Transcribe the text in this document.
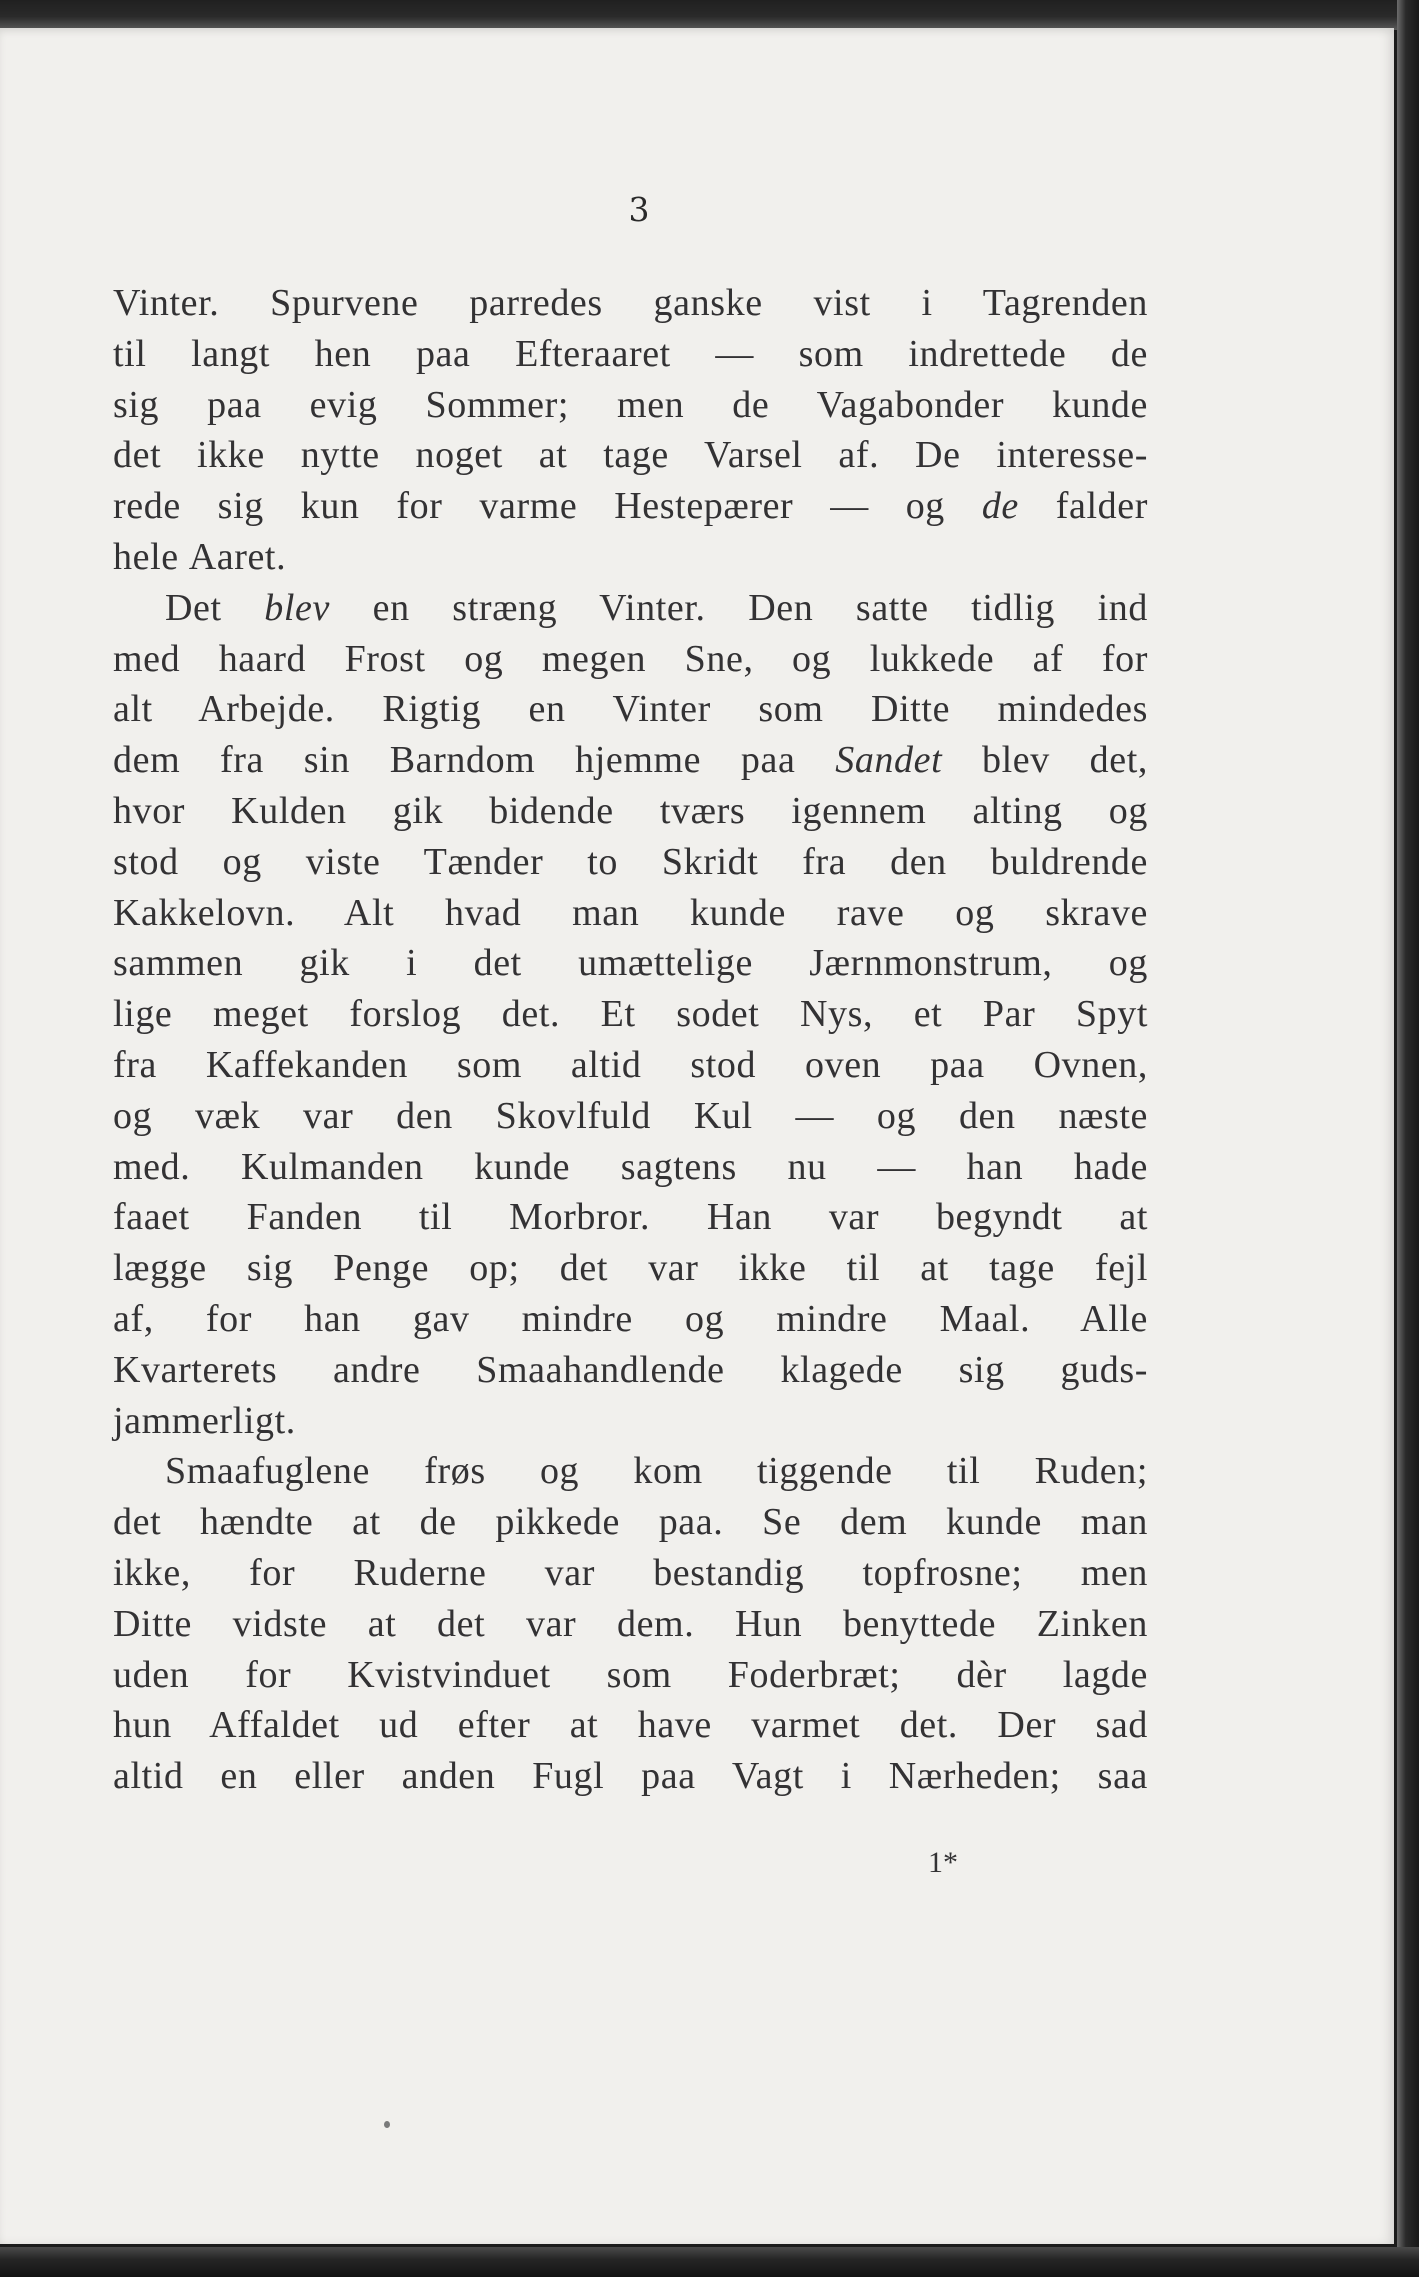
3
Vinter. Spurvene parredes ganske vist i Tagrenden
til langt hen paa Efteraaret — som indrettede de
sig paa evig Sommer; men de Vagabonder kunde
det ikke nytte noget at tage Varsel af. De interesse-
rede sig kun for varme Hestepærer — og de falder
hele Aaret.
Det blev en stræng Vinter. Den satte tidlig ind
med haard Frost og megen Sne, og lukkede af for
alt Arbejde. Rigtig en Vinter som Ditte mindedes
dem fra sin Barndom hjemme paa Sandet blev det,
hvor Kulden gik bidende tværs igennem alting og
stod og viste Tænder to Skridt fra den buldrende
Kakkelovn. Alt hvad man kunde rave og skrave
sammen gik i det umættelige Jærnmonstrum, og
lige meget forslog det. Et sodet Nys, et Par Spyt
fra Kaffekanden som altid stod oven paa Ovnen,
og væk var den Skovlfuld Kul — og den næste
med. Kulmanden kunde sagtens nu — han hade
faaet Fanden til Morbror. Han var begyndt at
lægge sig Penge op; det var ikke til at tage fejl
af, for han gav mindre og mindre Maal. Alle
Kvarterets andre Smaahandlende klagede sig guds-
jammerligt.
Smaafuglene frøs og kom tiggende til Ruden;
det hændte at de pikkede paa. Se dem kunde man
ikke, for Ruderne var bestandig topfrosne; men
Ditte vidste at det var dem. Hun benyttede Zinken
uden for Kvistvinduet som Foderbræt; dèr lagde
hun Affaldet ud efter at have varmet det. Der sad
altid en eller anden Fugl paa Vagt i Nærheden; saa
1*
